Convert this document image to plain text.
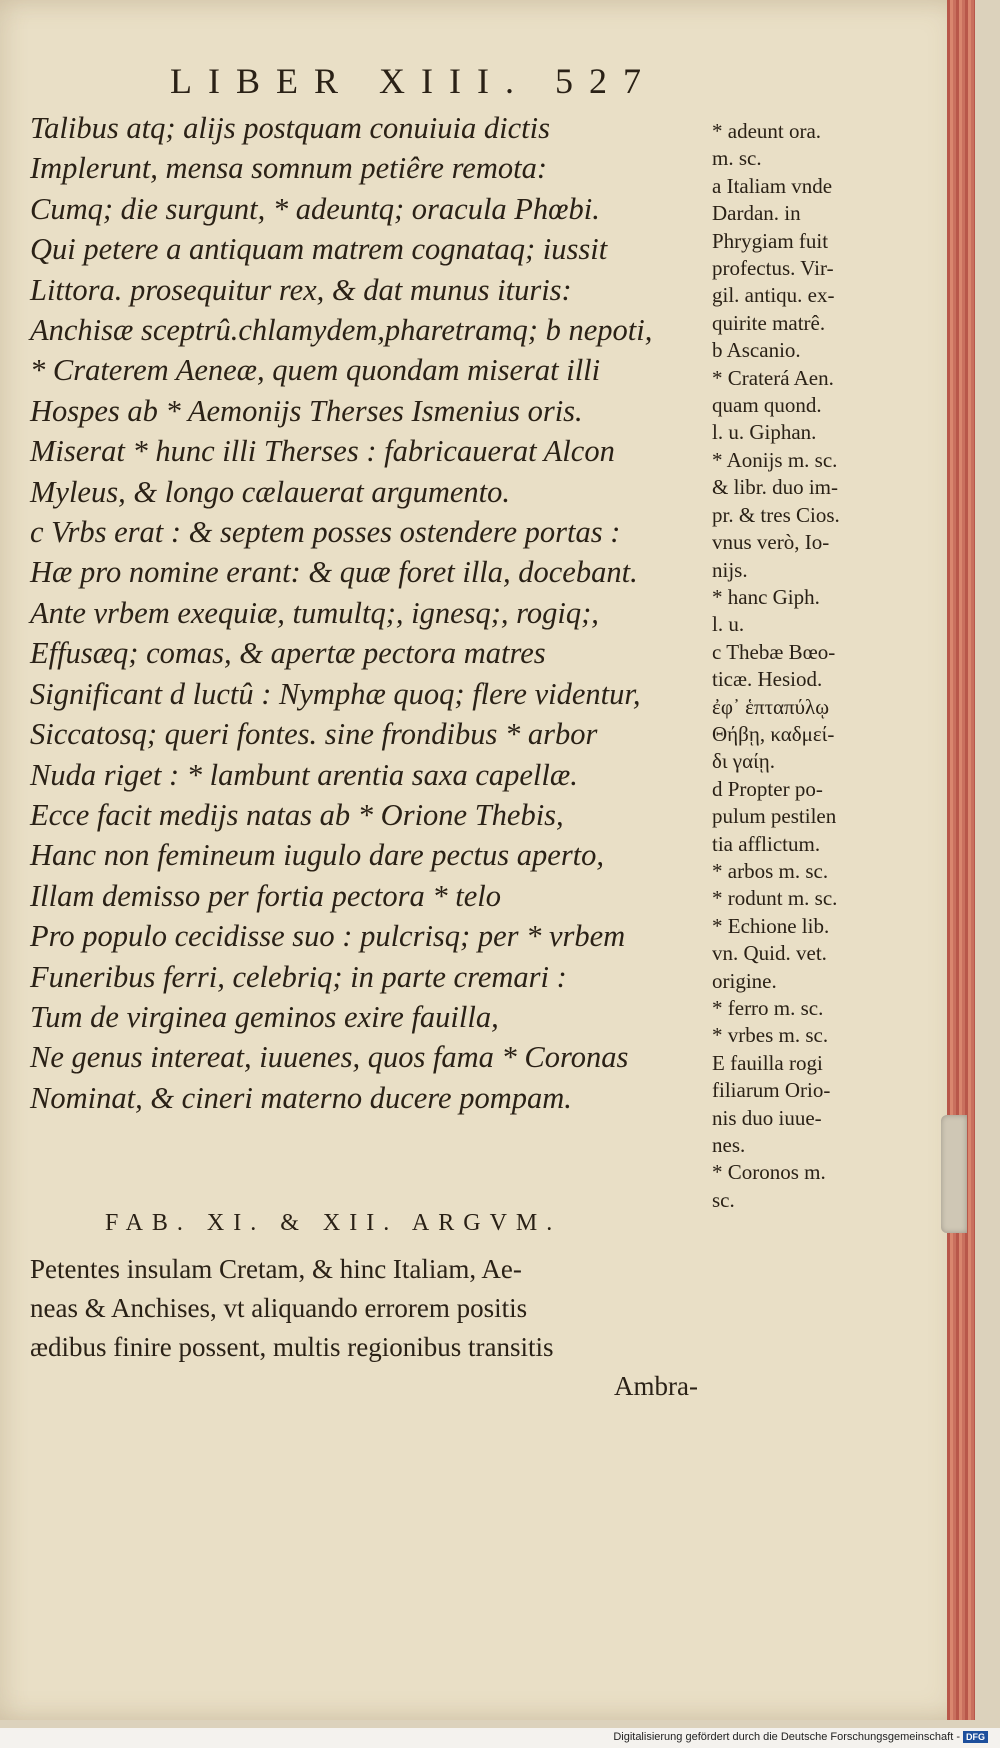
LIBER XIII. 527
Talibus atq; alijs postquam conuiuia dictis
Implerunt, mensa somnum petiêre remota:
Cumq; die surgunt, * adeuntq; oracula Phœbi.
Qui petere a antiquam matrem cognataq; iussit
Littora. prosequitur rex, & dat munus ituris:
Anchisæ sceptrû.chlamydem,pharetramq; b nepoti,
* Craterem Aeneæ, quem quondam miserat illi
Hospes ab * Aemonijs Therses Ismenius oris.
Miserat * hunc illi Therses : fabricauerat Alcon
Myleus, & longo cælauerat argumento.
c Vrbs erat : & septem posses ostendere portas :
Hæ pro nomine erant: & quæ foret illa, docebant.
Ante vrbem exequiæ, tumultq;, ignesq;, rogiq;,
Effusæq; comas, & apertæ pectora matres
Significant d luctû : Nymphæ quoq; flere videntur,
Siccatosq; queri fontes. sine frondibus * arbor
Nuda riget : * lambunt arentia saxa capellæ.
Ecce facit medijs natas ab * Orione Thebis,
Hanc non femineum iugulo dare pectus aperto,
Illam demisso per fortia pectora * telo
Pro populo cecidisse suo : pulcrisq; per * vrbem
Funeribus ferri, celebriq; in parte cremari :
Tum de virginea geminos exire fauilla,
Ne genus intereat, iuuenes, quos fama * Coronas
Nominat, & cineri materno ducere pompam.
* adeunt ora.
m. sc.
a Italiam vnde
Dardan. in
Phrygiam fuit
profectus. Vir-
gil. antiqu. ex-
quirite matrê.
b Ascanio.
* Craterá Aen.
quam quond.
l. u. Giphan.
* Aonijs m. sc.
& libr. duo im-
pr. & tres Cios.
vnus verò, Io-
nijs.
* hanc Giph.
l. u.
c Thebæ Bœo-
ticæ. Hesiod.
ἐφ᾽ ἑπταπύλῳ
Θήβῃ, καδμεί-
δι γαίῃ.
d Propter po-
pulum pestilen
tia afflictum.
* arbos m. sc.
* rodunt m. sc.
* Echione lib.
vn. Quid. vet.
origine.
* ferro m. sc.
* vrbes m. sc.
E fauilla rogi
filiarum Orio-
nis duo iuue-
nes.
* Coronos m.
sc.
FAB. XI. & XII. ARGVM.
Petentes insulam Cretam, & hinc Italiam, Ae-
neas & Anchises, vt aliquando errorem positis
ædibus finire possent, multis regionibus transitis
Ambra-
Digitalisierung gefördert durch die Deutsche Forschungsgemeinschaft - DFG
